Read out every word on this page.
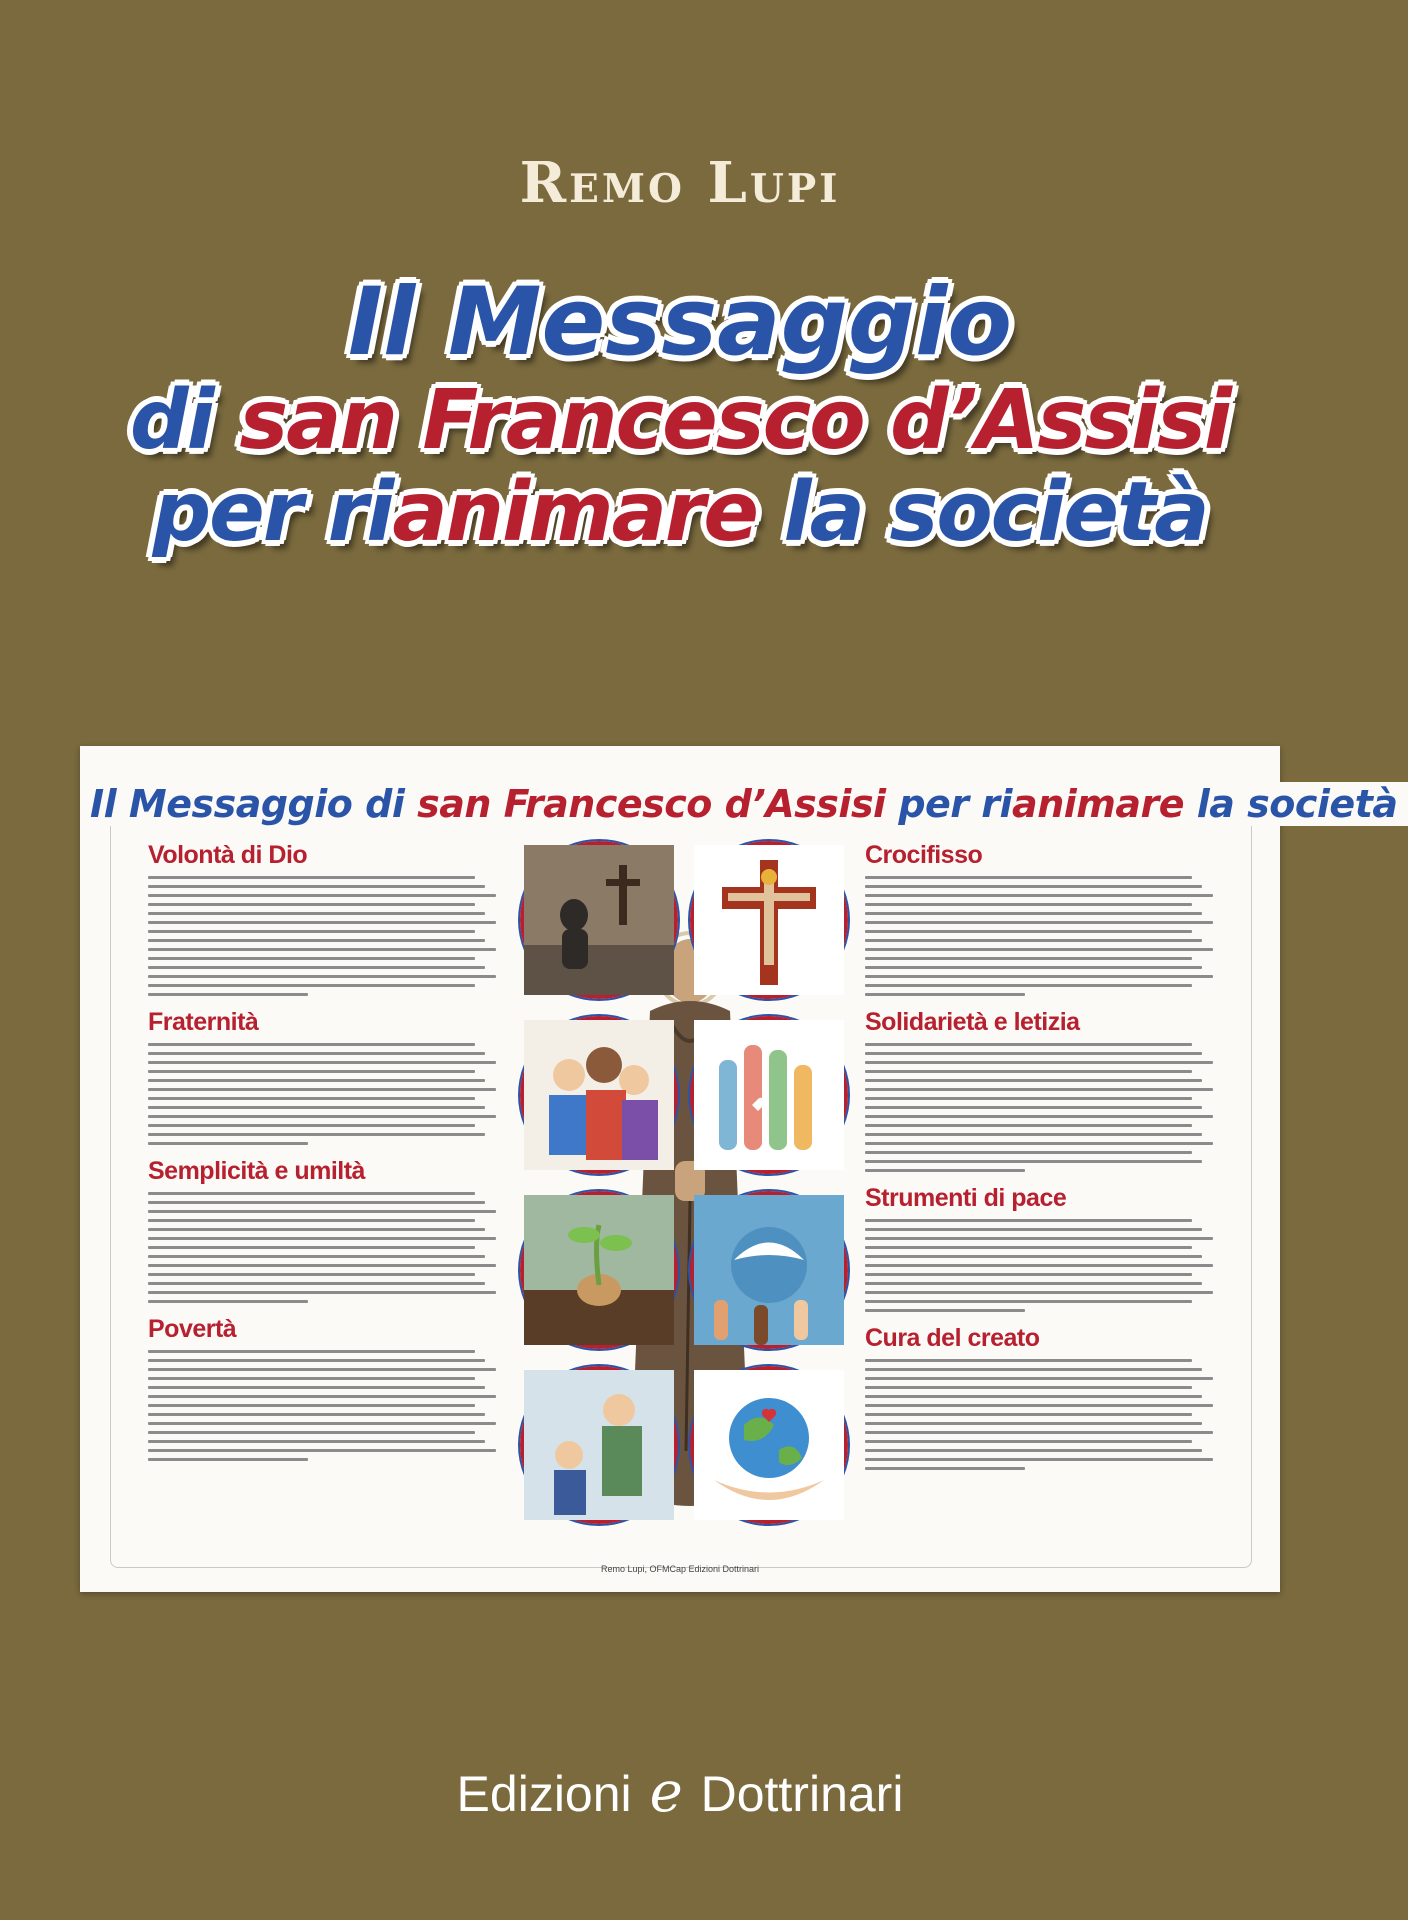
Remo Lupi
Il Messaggio
di san Francesco d’Assisi
per rianimare la società
Il Messaggio di san Francesco d’Assisi per rianimare la società
Volontà di Dio
Fraternità
Semplicità e umiltà
Povertà
Crocifisso
Solidarietà e letizia
Strumenti di pace
Cura del creato
Remo Lupi, OFMCap Edizioni Dottrinari
Edizioni e Dottrinari
